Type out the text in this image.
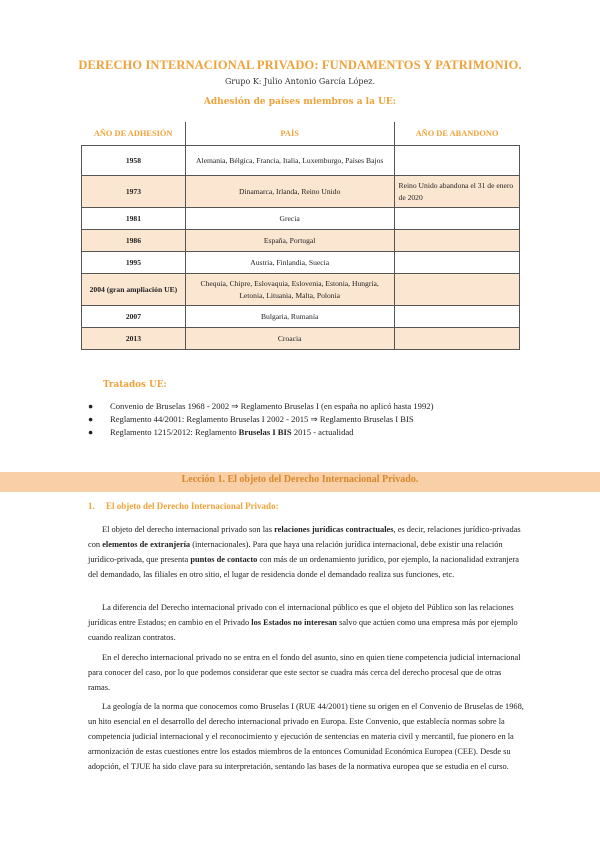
DERECHO INTERNACIONAL PRIVADO: FUNDAMENTOS Y PATRIMONIO.
Grupo K: Julio Antonio García López.
Adhesión de países miembros a la UE:
AÑO DE ADHESIÓN	PAÍS	AÑO DE ABANDONO
1958	Alemania, Bélgica, Francia, Italia, Luxemburgo, Países Bajos	
1973	Dinamarca, Irlanda, Reino Unido	Reino Unido abandona el 31 de enero de 2020
1981	Grecia	
1986	España, Portugal	
1995	Austria, Finlandia, Suecia	
2004 (gran ampliación UE)	Chequia, Chipre, Eslovaquia, Eslovenia, Estonia, Hungría, Letonia, Lituania, Malta, Polonia	
2007	Bulgaria, Rumanía	
2013	Croacia	
Tratados UE:
● Convenio de Bruselas 1968 - 2002 ⇒ Reglamento Bruselas I (en españa no aplicó hasta 1992)
● Reglamento 44/2001: Reglamento Bruselas I 2002 - 2015 ⇒ Reglamento Bruselas I BIS
● Reglamento 1215/2012: Reglamento Bruselas I BIS 2015 - actualidad
Lección 1. El objeto del Derecho Internacional Privado.
1. El objeto del Derecho Internacional Privado:

El objeto del derecho internacional privado son las relaciones jurídicas contractuales, es decir, relaciones jurídico-privadas con elementos de extranjería (internacionales). Para que haya una relación jurídica internacional, debe existir una relación jurídico-privada, que presenta puntos de contacto con más de un ordenamiento jurídico, por ejemplo, la nacionalidad extranjera del demandado, las filiales en otro sitio, el lugar de residencia donde el demandado realiza sus funciones, etc.

La diferencia del Derecho internacional privado con el internacional público es que el objeto del Público son las relaciones jurídicas entre Estados; en cambio en el Privado los Estados no interesan salvo que actúen como una empresa más por ejemplo cuando realizan contratos.

En el derecho internacional privado no se entra en el fondo del asunto, sino en quien tiene competencia judicial internacional para conocer del caso, por lo que podemos considerar que este sector se cuadra más cerca del derecho procesal que de otras ramas.

La geología de la norma que conocemos como Bruselas I (RUE 44/2001) tiene su origen en el Convenio de Bruselas de 1968, un hito esencial en el desarrollo del derecho internacional privado en Europa. Este Convenio, que establecía normas sobre la competencia judicial internacional y el reconocimiento y ejecución de sentencias en materia civil y mercantil, fue pionero en la armonización de estas cuestiones entre los estados miembros de la entonces Comunidad Económica Europea (CEE). Desde su adopción, el TJUE ha sido clave para su interpretación, sentando las bases de la normativa europea que se estudia en el curso.
